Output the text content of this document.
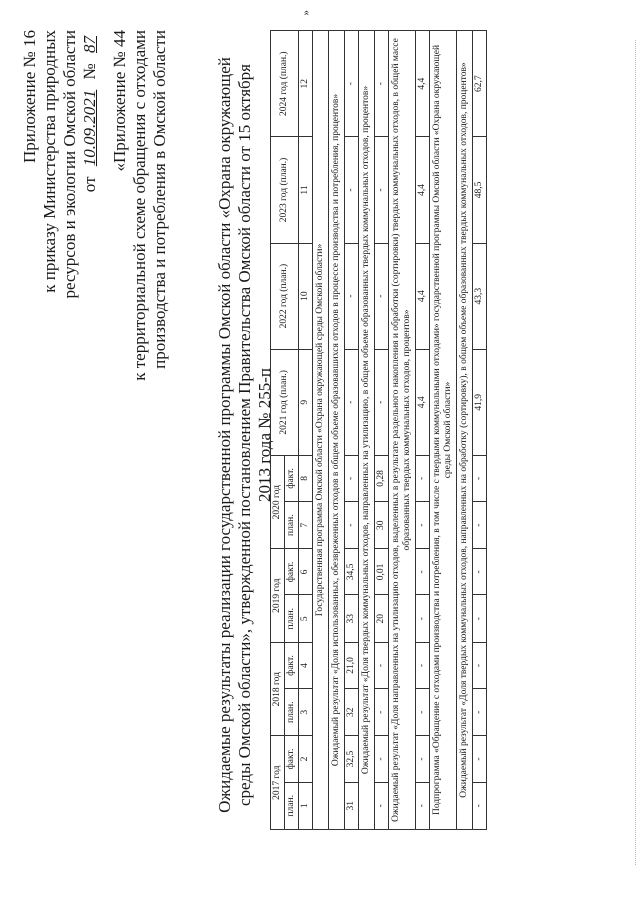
Приложение № 16 к приказу Министерства природных ресурсов и экологии Омской области от 10.09.2021 № 87 «Приложение № 44 к территориальной схеме обращения с отходами производства и потребления в Омской области	Ожидаемые результаты реализации государственной программы Омской области «Охрана окружающей среды Омской области», утвержденной постановлением Правительства Омской области от 15 октября 2013 года № 255-п
2017 год		2018 год		2019 год		2020 год		2021 год (план.)	2022 год (план.)	2023 год (план.)	2024 год (план.)
план.	факт.	план.	факт.	план.	факт.	план.	факт.				
1	2	3	4	5	6	7	8	9	10	11	12
Государственная программа Омской области «Охрана окружающей среды Омской области»											
Ожидаемый результат «Доля использованных, обезвреженных отходов в общем объеме образовавшихся отходов в процессе производства и потребления, процентов»											
31	32,5	32	21,0	33	34,5	-	-	-	-	-	-
Ожидаемый результат «Доля твердых коммунальных отходов, направленных на утилизацию, в общем объеме образованных твердых коммунальных отходов, процентов»											
-	-	-	-	20	0,01	30	0,28	-	-	-	-
Ожидаемый результат «Доля направленных на утилизацию отходов, выделенных в результате раздельного накопления и обработки (сортировки) твердых коммунальных отходов, в общей массе образованных твердых коммунальных отходов, процентов»											
-	-	-	-	-	-	-	-	4,4	4,4	4,4	4,4
Подпрограмма «Обращение с отходами производства и потребления, в том числе с твердыми коммунальными отходами» государственной программы Омской области «Охрана окружающей среды Омской области»											
Ожидаемый результат «Доля твердых коммунальных отходов, направленных на обработку (сортировку), в общем объеме образованных твердых коммунальных отходов, процентов»											
-	-	-	-	-	-	-	-	41,9	43,3	48,5	62,7
»
